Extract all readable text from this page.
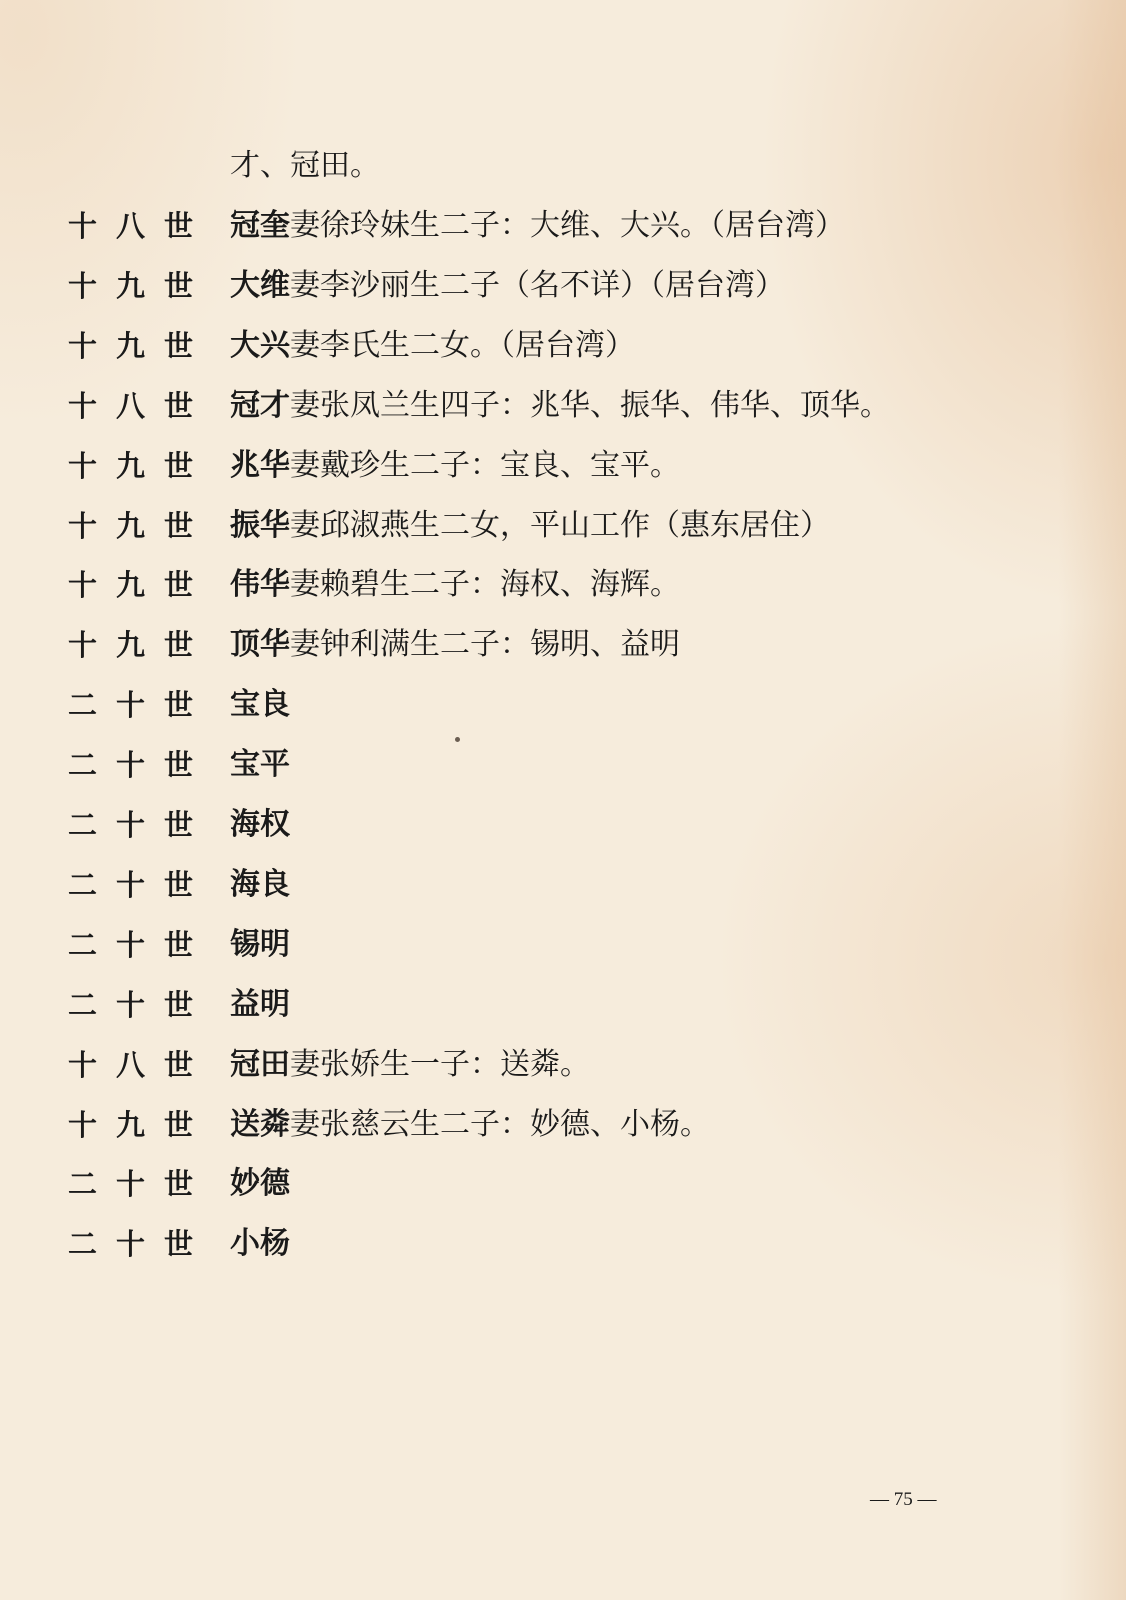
才、冠田。
十八世 冠奎妻徐玲妹生二子：大维、大兴。（居台湾）
十九世 大维妻李沙丽生二子（名不详）（居台湾）
十九世 大兴妻李氏生二女。（居台湾）
十八世 冠才妻张凤兰生四子：兆华、振华、伟华、顶华。
十九世 兆华妻戴珍生二子：宝良、宝平。
十九世 振华妻邱淑燕生二女，平山工作（惠东居住）
十九世 伟华妻赖碧生二子：海权、海辉。
十九世 顶华妻钟利满生二子：锡明、益明
二十世 宝良
二十世 宝平
二十世 海权
二十世 海良
二十世 锡明
二十世 益明
十八世 冠田妻张娇生一子：送粦。
十九世 送粦妻张慈云生二子：妙德、小杨。
二十世 妙德
二十世 小杨
— 75 —
